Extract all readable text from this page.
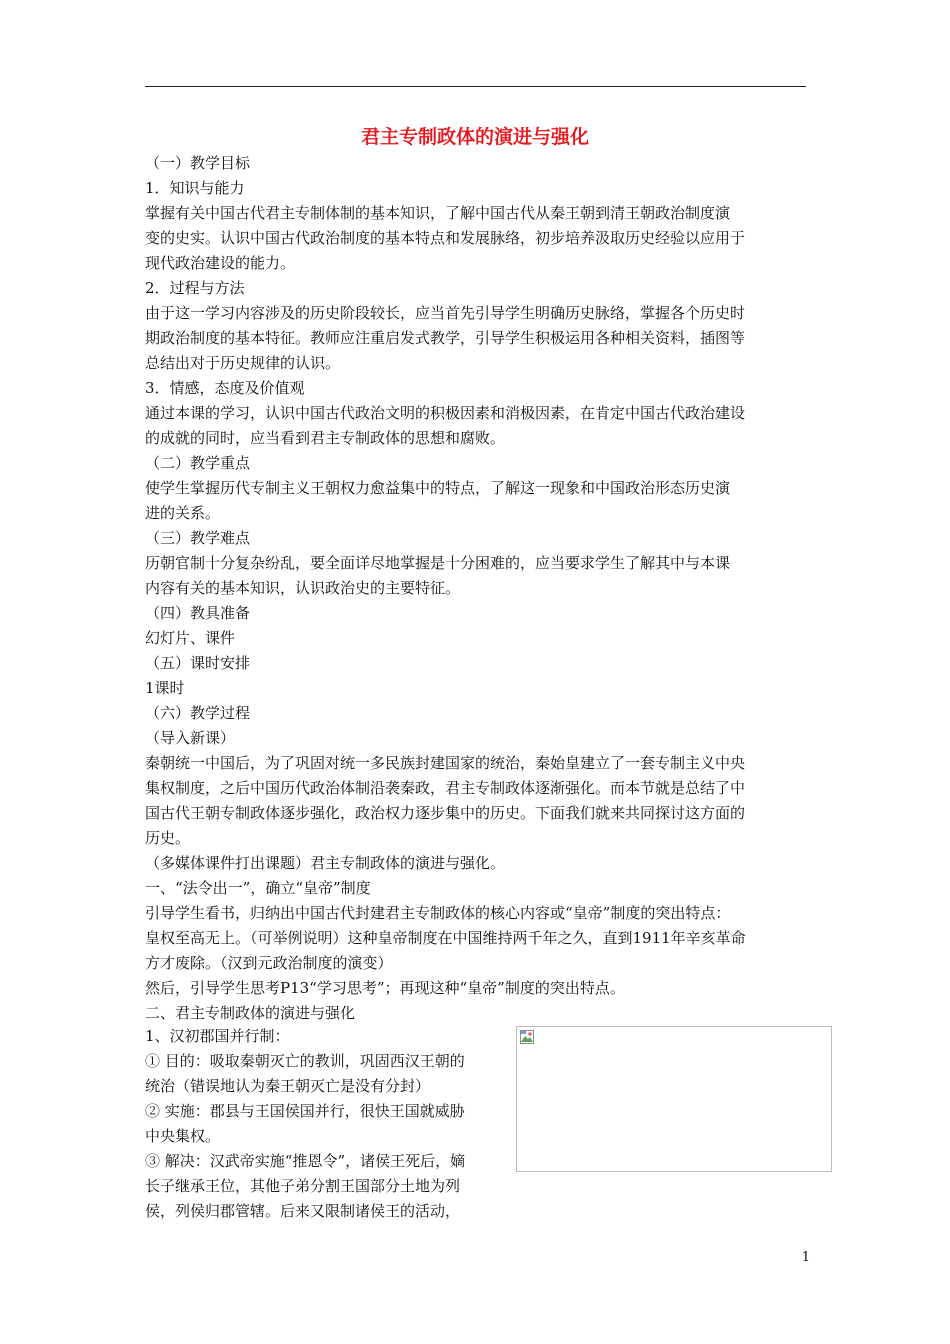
君主专制政体的演进与强化

（一）教学目标

1．知识与能力

掌握有关中国古代君主专制体制的基本知识，了解中国古代从秦王朝到清王朝政治制度演

变的史实。认识中国古代政治制度的基本特点和发展脉络，初步培养汲取历史经验以应用于

现代政治建设的能力。

2．过程与方法

由于这一学习内容涉及的历史阶段较长，应当首先引导学生明确历史脉络，掌握各个历史时

期政治制度的基本特征。教师应注重启发式教学，引导学生积极运用各种相关资料，插图等

总结出对于历史规律的认识。

3．情感，态度及价值观

通过本课的学习，认识中国古代政治文明的积极因素和消极因素，在肯定中国古代政治建设

的成就的同时，应当看到君主专制政体的思想和腐败。

（二）教学重点

使学生掌握历代专制主义王朝权力愈益集中的特点，了解这一现象和中国政治形态历史演

进的关系。

（三）教学难点

历朝官制十分复杂纷乱，要全面详尽地掌握是十分困难的，应当要求学生了解其中与本课

内容有关的基本知识，认识政治史的主要特征。

（四）教具准备

幻灯片、课件

（五）课时安排

1课时

（六）教学过程

（导入新课）

秦朝统一中国后，为了巩固对统一多民族封建国家的统治，秦始皇建立了一套专制主义中央

集权制度，之后中国历代政治体制沿袭秦政，君主专制政体逐渐强化。而本节就是总结了中

国古代王朝专制政体逐步强化，政治权力逐步集中的历史。下面我们就来共同探讨这方面的

历史。

（多媒体课件打出课题）君主专制政体的演进与强化。

一、“法令出一”，确立“皇帝”制度

引导学生看书，归纳出中国古代封建君主专制政体的核心内容或“皇帝”制度的突出特点：

皇权至高无上。（可举例说明）这种皇帝制度在中国维持两千年之久，直到1911年辛亥革命

方才废除。（汉到元政治制度的演变）

然后，引导学生思考P13“学习思考”；再现这种“皇帝”制度的突出特点。

二、君主专制政体的演进与强化

1、汉初郡国并行制：

① 目的：吸取秦朝灭亡的教训，巩固西汉王朝的

统治（错误地认为秦王朝灭亡是没有分封）

② 实施：郡县与王国侯国并行，很快王国就威胁

中央集权。

③ 解决：汉武帝实施“推恩令”，诸侯王死后，嫡

长子继承王位，其他子弟分割王国部分土地为列

侯，列侯归郡管辖。后来又限制诸侯王的活动，

1
